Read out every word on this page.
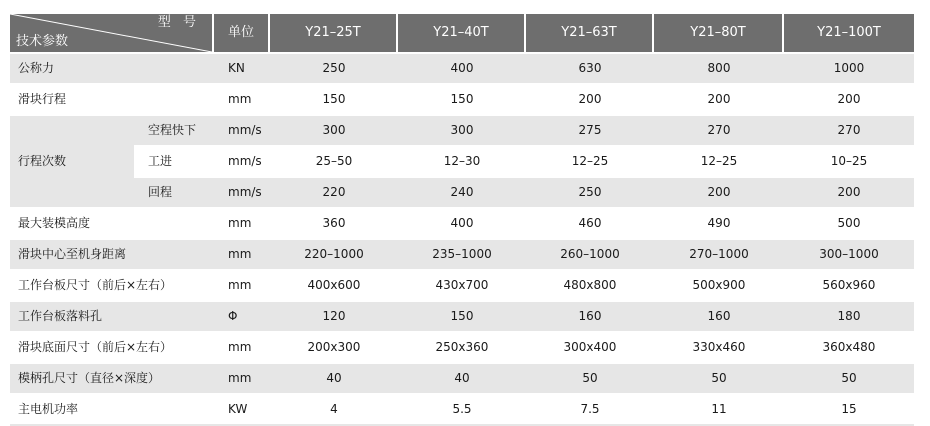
型 号
技术参数		单位	Y21–25T	Y21–40T	Y21–63T	Y21–80T	Y21–100T
公称力		KN	250	400	630	800	1000
滑块行程		mm	150	150	200	200	200
行程次数	空程快下	mm/s	300	300	275	270	270
	工进	mm/s	25–50	12–30	12–25	12–25	10–25
	回程	mm/s	220	240	250	200	200
最大装模高度		mm	360	400	460	490	500
滑块中心至机身距离		mm	220–1000	235–1000	260–1000	270–1000	300–1000
工作台板尺寸（前后×左右）		mm	400x600	430x700	480x800	500x900	560x960
工作台板落料孔		Φ	120	150	160	160	180
滑块底面尺寸（前后×左右）		mm	200x300	250x360	300x400	330x460	360x480
模柄孔尺寸（直径×深度）		mm	40	40	50	50	50
主电机功率		KW	4	5.5	7.5	11	15
